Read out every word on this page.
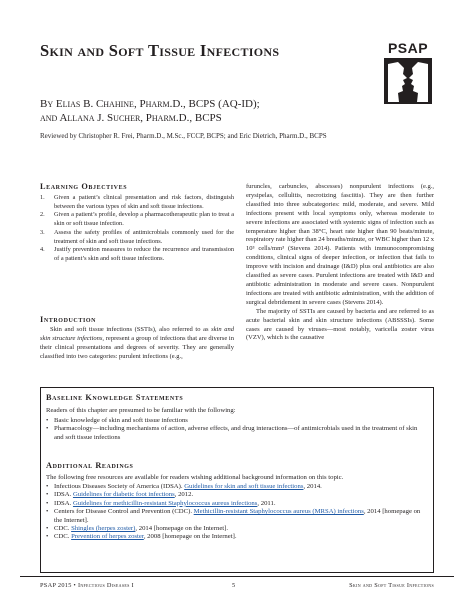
Skin and Soft Tissue Infections	PSAP
By Elias B. Chahine, Pharm.D., BCPS (AQ-ID);
and Allana J. Sucher, Pharm.D., BCPS
Reviewed by Christopher R. Frei, Pharm.D., M.Sc., FCCP, BCPS; and Eric Dietrich, Pharm.D., BCPS
Learning Objectives
1. Given a patient’s clinical presentation and risk factors, distinguish between the various types of skin and soft tissue infections.
2. Given a patient’s profile, develop a pharmacotherapeutic plan to treat a skin or soft tissue infection.
3. Assess the safety profiles of antimicrobials commonly used for the treatment of skin and soft tissue infections.
4. Justify prevention measures to reduce the recurrence and transmission of a patient’s skin and soft tissue infections.
Introduction

Skin and soft tissue infections (SSTIs), also referred to as skin and skin structure infections, represent a group of infections that are diverse in their clinical presentations and degrees of severity. They are generally classified into two categories: purulent infections (e.g.,

furuncles, carbuncles, abscesses) nonpurulent infections (e.g., erysipelas, cellulitis, necrotizing fasciitis). They are then further classified into three subcategories: mild, moderate, and severe. Mild infections present with local symptoms only, whereas moderate to severe infections are associated with systemic signs of infection such as temperature higher than 38°C, heart rate higher than 90 beats/minute, respiratory rate higher than 24 breaths/minute, or WBC higher than 12 x 10³ cells/mm³ (Stevens 2014). Patients with immunocompromising conditions, clinical signs of deeper infection, or infection that fails to improve with incision and drainage (I&D) plus oral antibiotics are also classified as severe cases. Purulent infections are treated with I&D and antibiotic administration in moderate and severe cases. Nonpurulent infections are treated with antibiotic administration, with the addition of surgical debridement in severe cases (Stevens 2014).

The majority of SSTIs are caused by bacteria and are referred to as acute bacterial skin and skin structure infections (ABSSSIs). Some cases are caused by viruses—most notably, varicella zoster virus (VZV), which is the causative

Baseline Knowledge Statements
Readers of this chapter are presumed to be familiar with the following:
• Basic knowledge of skin and soft tissue infections
• Pharmacology—including mechanisms of action, adverse effects, and drug interactions—of antimicrobials used in the treatment of skin and soft tissue infections
Additional Readings
The following free resources are available for readers wishing additional background information on this topic.
• Infectious Diseases Society of America (IDSA). Guidelines for skin and soft tissue infections, 2014.
• IDSA. Guidelines for diabetic foot infections, 2012.
• IDSA. Guidelines for methicillin-resistant Staphylococcus aureus infections, 2011.
• Centers for Disease Control and Prevention (CDC). Methicillin-resistant Staphylococcus aureus (MRSA) infections, 2014 [homepage on the Internet].
• CDC. Shingles (herpes zoster), 2014 [homepage on the Internet].
• CDC. Prevention of herpes zoster, 2008 [homepage on the Internet].
PSAP 2015 • Infectious Diseases I	5	Skin and Soft Tissue Infections
